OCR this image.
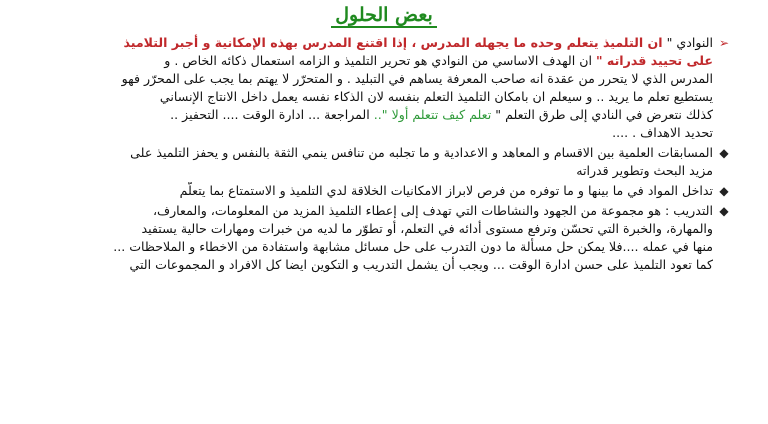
بعض الحلول
➢
النوادي " ان التلميذ يتعلم وحده ما يجهله المدرس ، إذا اقتنع المدرس بهذه الإمكانية و أجبر التلاميذ
على تحييد قدراته " ان الهدف الاساسي من النوادي هو تحرير التلميذ و الزامه استعمال ذكائه الخاص . و
المدرس الذي لا يتحرر من عقدة انه صاحب المعرفة يساهم في التبليد . و المتحرّر لا يهتم بما يجب على المحرّر فهو
يستطيع تعلم ما يريد .. و سيعلم ان بامكان التلميذ التعلم بنفسه لان الذكاء نفسه يعمل داخل الانتاج الإنساني
كذلك نتعرض في النادي إلى طرق التعلم " تعلم كيف تتعلم أولا ".. المراجعة ... ادارة الوقت .... التحفيز ..
تحديد الاهداف . ....
◆
المسابقات العلمية بين الاقسام و المعاهد و الاعدادية و ما تجلبه من تنافس ينمي الثقة بالنفس و يحفز التلميذ على
مزيد البحث وتطوير قدراته
◆
تداخل المواد في ما بينها و ما توفره من فرص لابراز الامكانيات الخلاقة لدي التلميذ و الاستمتاع بما يتعلّم
◆
التدريب : هو مجموعة من الجهود والنشاطات التي تهدف إلى إعطاء التلميذ المزيد من المعلومات، والمعارف،
والمهارة، والخبرة التي تحسّن وترفع مستوى أدائه في التعلم، أو تطوّر ما لديه من خبرات ومهارات حالية يستفيد
منها في عمله ....فلا يمكن حل مسألة ما دون التدرب على حل مسائل مشابهة واستفادة من الاخطاء و الملاحظات ...
كما تعود التلميذ على حسن ادارة الوقت ... ويجب أن يشمل التدريب و التكوين ايضا كل الافراد و المجموعات التي
